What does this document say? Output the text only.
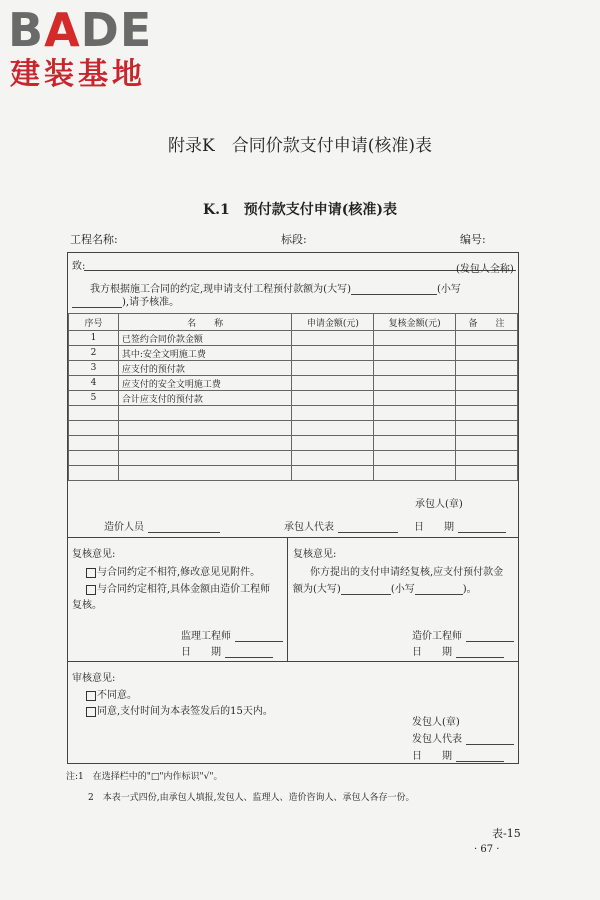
BADE
建装基地
附录K　合同价款支付申请(核准)表
K.1　预付款支付申请(核准)表
工程名称:	标段:	编号:
致:	(发包人全称)
我方根据施工合同的约定,现申请支付工程预付款额为(大写)	(小写
),请予核准。
序号	名　　称	申请金额(元)	复核金额(元)	备　　注
1	已签约合同价款金额			
2	其中:安全文明施工费			
3	应支付的预付款			
4	应支付的安全文明施工费			
5	合计应支付的预付款			

承包人(章)
造价人员	承包人代表	日　　期
复核意见:
与合同约定不相符,修改意见见附件。
与合同约定相符,具体金额由造价工程师
复核。
监理工程师
日　　期
复核意见:
你方提出的支付申请经复核,应支付预付款金
额为(大写)	(小写	)。
造价工程师
日　　期
审核意见:
不同意。
同意,支付时间为本表签发后的15天内。
发包人(章)
发包人代表
日　　期
注:1　在选择栏中的"□"内作标识"√"。
2　本表一式四份,由承包人填报,发包人、监理人、造价咨询人、承包人各存一份。
表-15
· 67 ·
